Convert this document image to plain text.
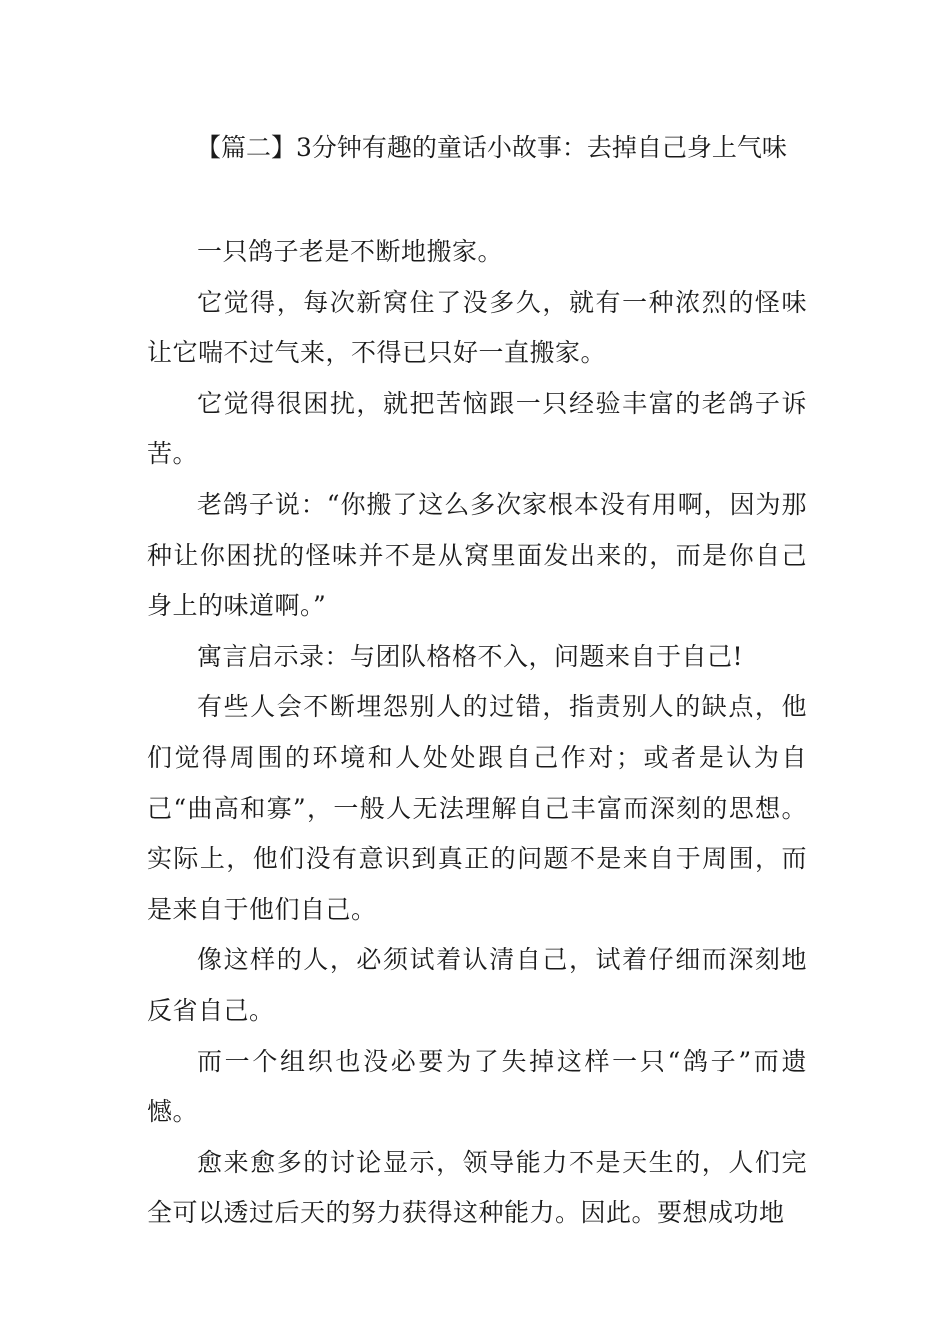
【篇二】3分钟有趣的童话小故事：去掉自己身上气味

一只鸽子老是不断地搬家。

它觉得，每次新窝住了没多久，就有一种浓烈的怪味让它喘不过气来，不得已只好一直搬家。

它觉得很困扰，就把苦恼跟一只经验丰富的老鸽子诉苦。

老鸽子说：“你搬了这么多次家根本没有用啊，因为那种让你困扰的怪味并不是从窝里面发出来的，而是你自己身上的味道啊。”

寓言启示录：与团队格格不入，问题来自于自己!

有些人会不断埋怨别人的过错，指责别人的缺点，他们觉得周围的环境和人处处跟自己作对；或者是认为自己“曲高和寡”，一般人无法理解自己丰富而深刻的思想。实际上，他们没有意识到真正的问题不是来自于周围，而是来自于他们自己。

像这样的人，必须试着认清自己，试着仔细而深刻地反省自己。

而一个组织也没必要为了失掉这样一只“鸽子”而遗憾。

愈来愈多的讨论显示，领导能力不是天生的，人们完全可以透过后天的努力获得这种能力。因此。要想成功地
